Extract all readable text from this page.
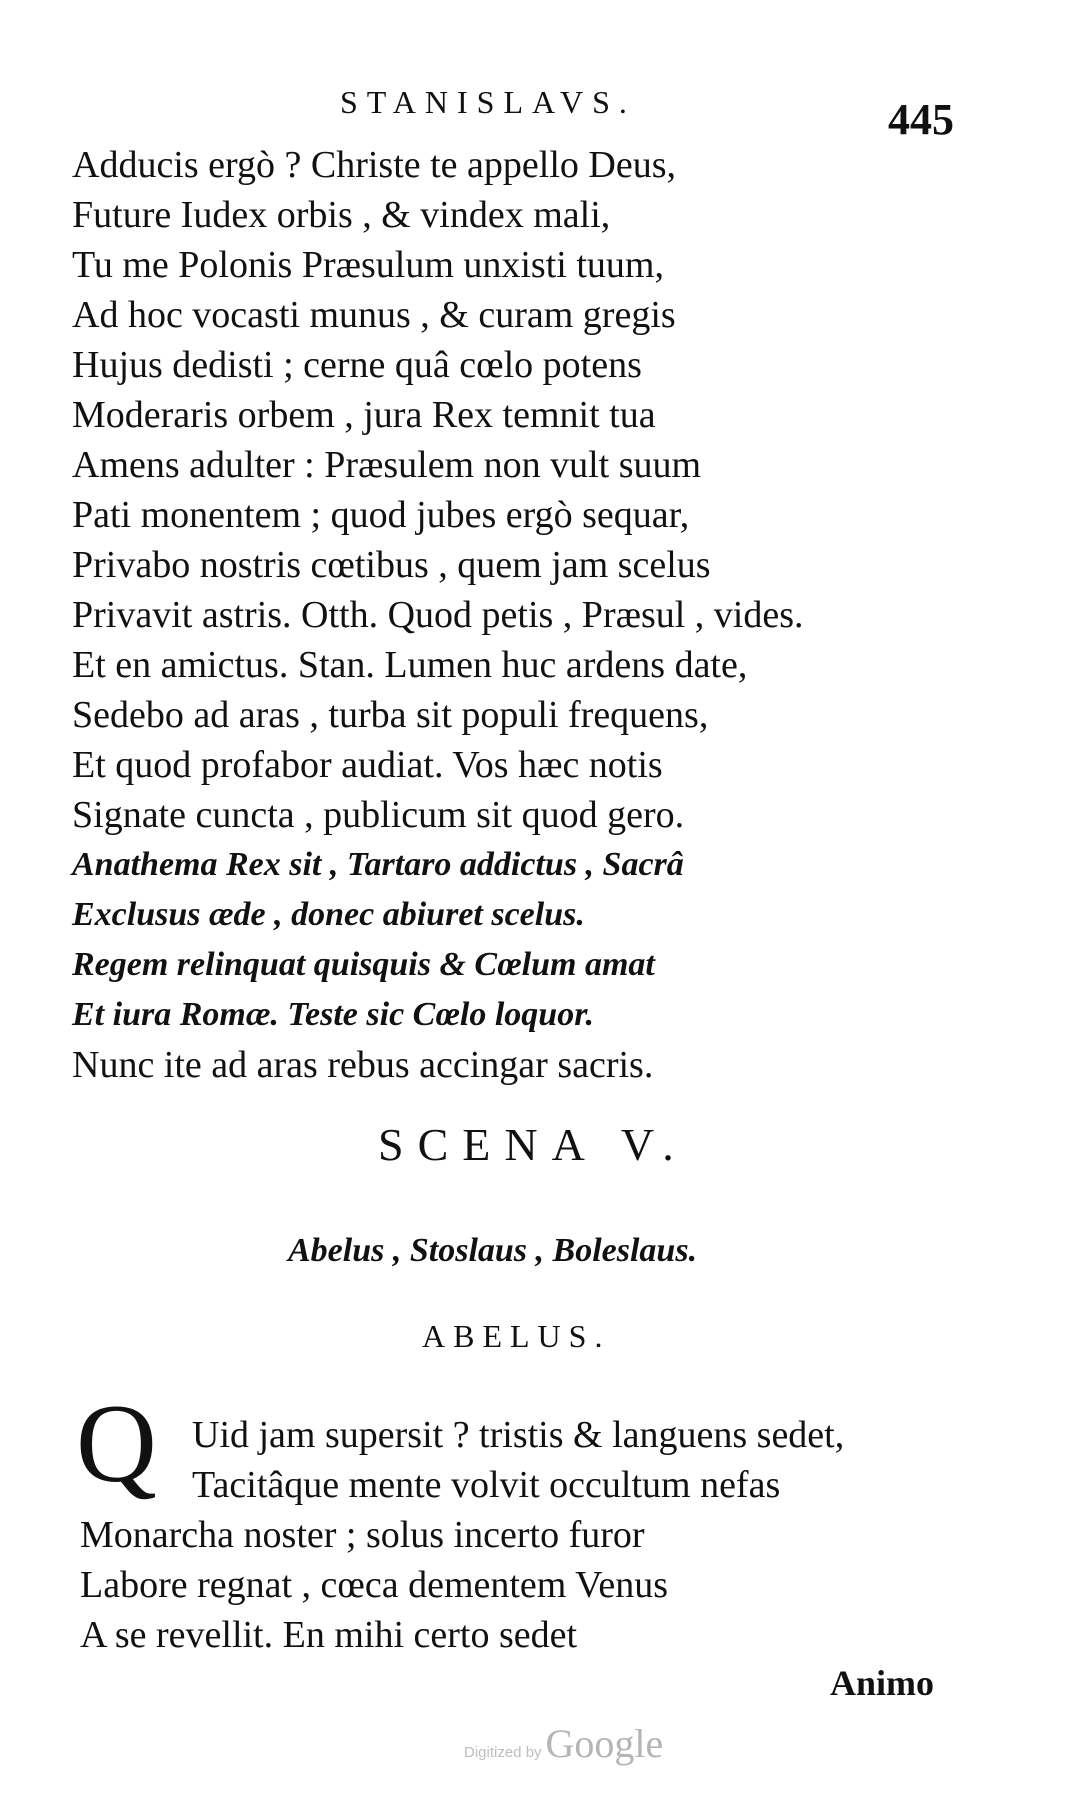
STANISLAVS.	445
Adducis ergò ? Christe te appello Deus,
Future Iudex orbis , & vindex mali,
Tu me Polonis Præsulum unxisti tuum,
Ad hoc vocasti munus , & curam gregis
Hujus dedisti ; cerne quâ cœlo potens
Moderaris orbem , jura Rex temnit tua
Amens adulter : Præsulem non vult suum
Pati monentem ; quod jubes ergò sequar,
Privabo nostris cœtibus , quem jam scelus
Privavit astris. Otth. Quod petis , Præsul , vides.
Et en amictus. Stan. Lumen huc ardens date,
Sedebo ad aras , turba sit populi frequens,
Et quod profabor audiat. Vos hæc notis
Signate cuncta , publicum sit quod gero.
Anathema Rex sit , Tartaro addictus , Sacrâ
Exclusus æde , donec abiuret scelus.
Regem relinquat quisquis & Cœlum amat
Et iura Romæ. Teste sic Cœlo loquor.
Nunc ite ad aras rebus accingar sacris.
SCENA V.
Abelus , Stoslaus , Boleslaus.
ABELUS.
Q Uid jam supersit ? tristis & languens sedet,
Tacitâque mente volvit occultum nefas
Monarcha noster ; solus incerto furor
Labore regnat , cœca dementem Venus
A se revellit. En mihi certo sedet
Animo
Digitized by Google
